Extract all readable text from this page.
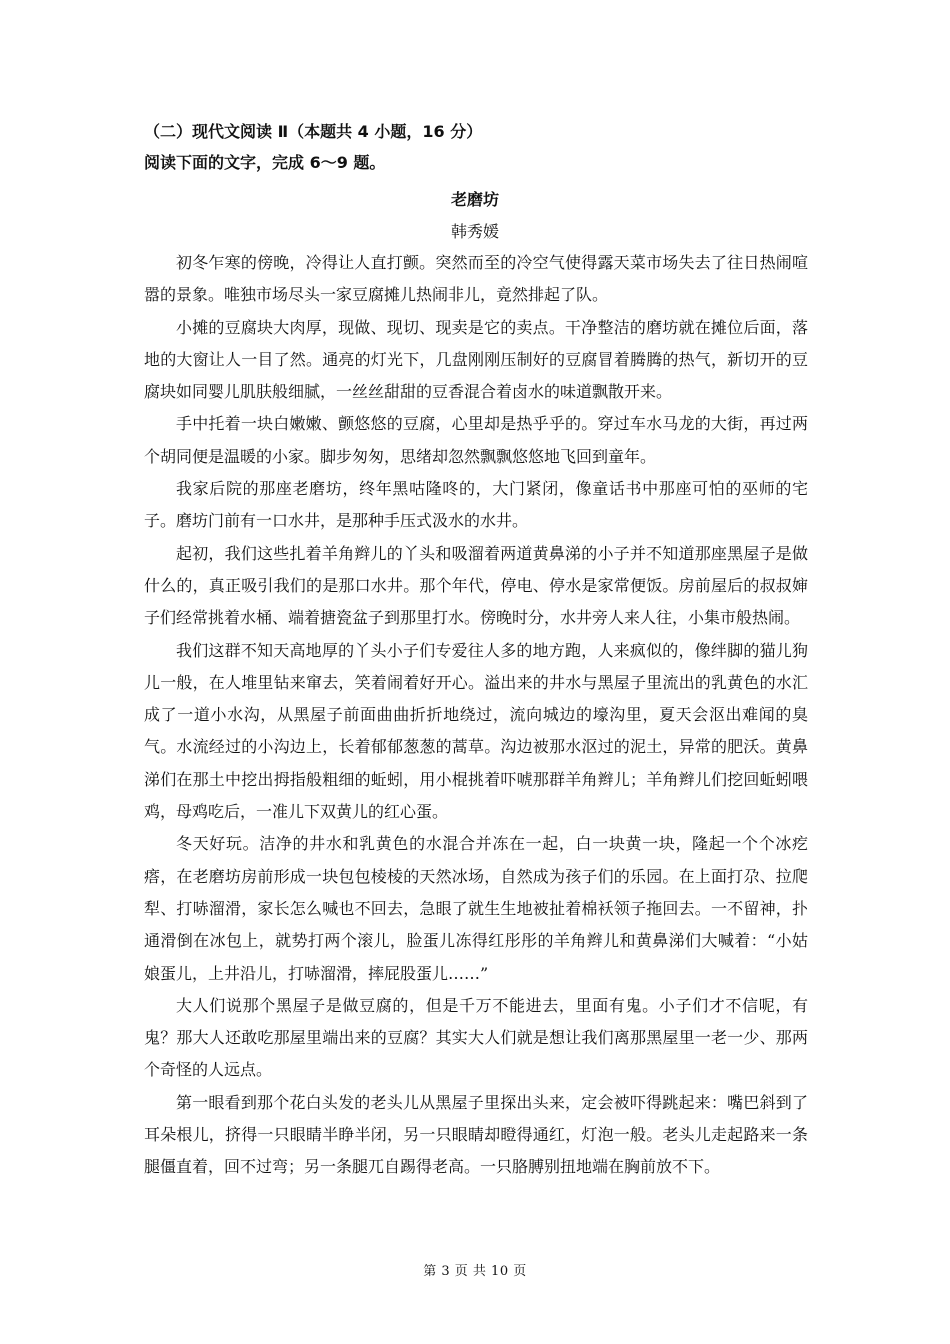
（二）现代文阅读 Ⅱ（本题共 4 小题，16 分）
阅读下面的文字，完成 6～9 题。
老磨坊
韩秀媛

初冬乍寒的傍晚，冷得让人直打颤。突然而至的冷空气使得露天菜市场失去了往日热闹喧嚣的景象。唯独市场尽头一家豆腐摊儿热闹非儿，竟然排起了队。

小摊的豆腐块大肉厚，现做、现切、现卖是它的卖点。干净整洁的磨坊就在摊位后面，落地的大窗让人一目了然。通亮的灯光下，几盘刚刚压制好的豆腐冒着腾腾的热气，新切开的豆腐块如同婴儿肌肤般细腻，一丝丝甜甜的豆香混合着卤水的味道飘散开来。

手中托着一块白嫩嫩、颤悠悠的豆腐，心里却是热乎乎的。穿过车水马龙的大街，再过两个胡同便是温暖的小家。脚步匆匆，思绪却忽然飘飘悠悠地飞回到童年。

我家后院的那座老磨坊，终年黑咕隆咚的，大门紧闭，像童话书中那座可怕的巫师的宅子。磨坊门前有一口水井，是那种手压式汲水的水井。

起初，我们这些扎着羊角辫儿的丫头和吸溜着两道黄鼻涕的小子并不知道那座黑屋子是做什么的，真正吸引我们的是那口水井。那个年代，停电、停水是家常便饭。房前屋后的叔叔婶子们经常挑着水桶、端着搪瓷盆子到那里打水。傍晚时分，水井旁人来人往，小集市般热闹。

我们这群不知天高地厚的丫头小子们专爱往人多的地方跑，人来疯似的，像绊脚的猫儿狗儿一般，在人堆里钻来窜去，笑着闹着好开心。溢出来的井水与黑屋子里流出的乳黄色的水汇成了一道小水沟，从黑屋子前面曲曲折折地绕过，流向城边的壕沟里，夏天会沤出难闻的臭气。水流经过的小沟边上，长着郁郁葱葱的蒿草。沟边被那水沤过的泥土，异常的肥沃。黄鼻涕们在那土中挖出拇指般粗细的蚯蚓，用小棍挑着吓唬那群羊角辫儿；羊角辫儿们挖回蚯蚓喂鸡，母鸡吃后，一准儿下双黄儿的红心蛋。

冬天好玩。洁净的井水和乳黄色的水混合并冻在一起，白一块黄一块，隆起一个个冰疙瘩，在老磨坊房前形成一块包包棱棱的天然冰场，自然成为孩子们的乐园。在上面打尕、拉爬犁、打哧溜滑，家长怎么喊也不回去，急眼了就生生地被扯着棉袄领子拖回去。一不留神，扑通滑倒在冰包上，就势打两个滚儿，脸蛋儿冻得红彤彤的羊角辫儿和黄鼻涕们大喊着：“小姑娘蛋儿，上井沿儿，打哧溜滑，摔屁股蛋儿……”

大人们说那个黑屋子是做豆腐的，但是千万不能进去，里面有鬼。小子们才不信呢，有鬼？那大人还敢吃那屋里端出来的豆腐？其实大人们就是想让我们离那黑屋里一老一少、那两个奇怪的人远点。

第一眼看到那个花白头发的老头儿从黑屋子里探出头来，定会被吓得跳起来：嘴巴斜到了耳朵根儿，挤得一只眼睛半睁半闭，另一只眼睛却瞪得通红，灯泡一般。老头儿走起路来一条腿僵直着，回不过弯；另一条腿兀自踢得老高。一只胳膊别扭地端在胸前放不下。

第 3 页 共 10 页
